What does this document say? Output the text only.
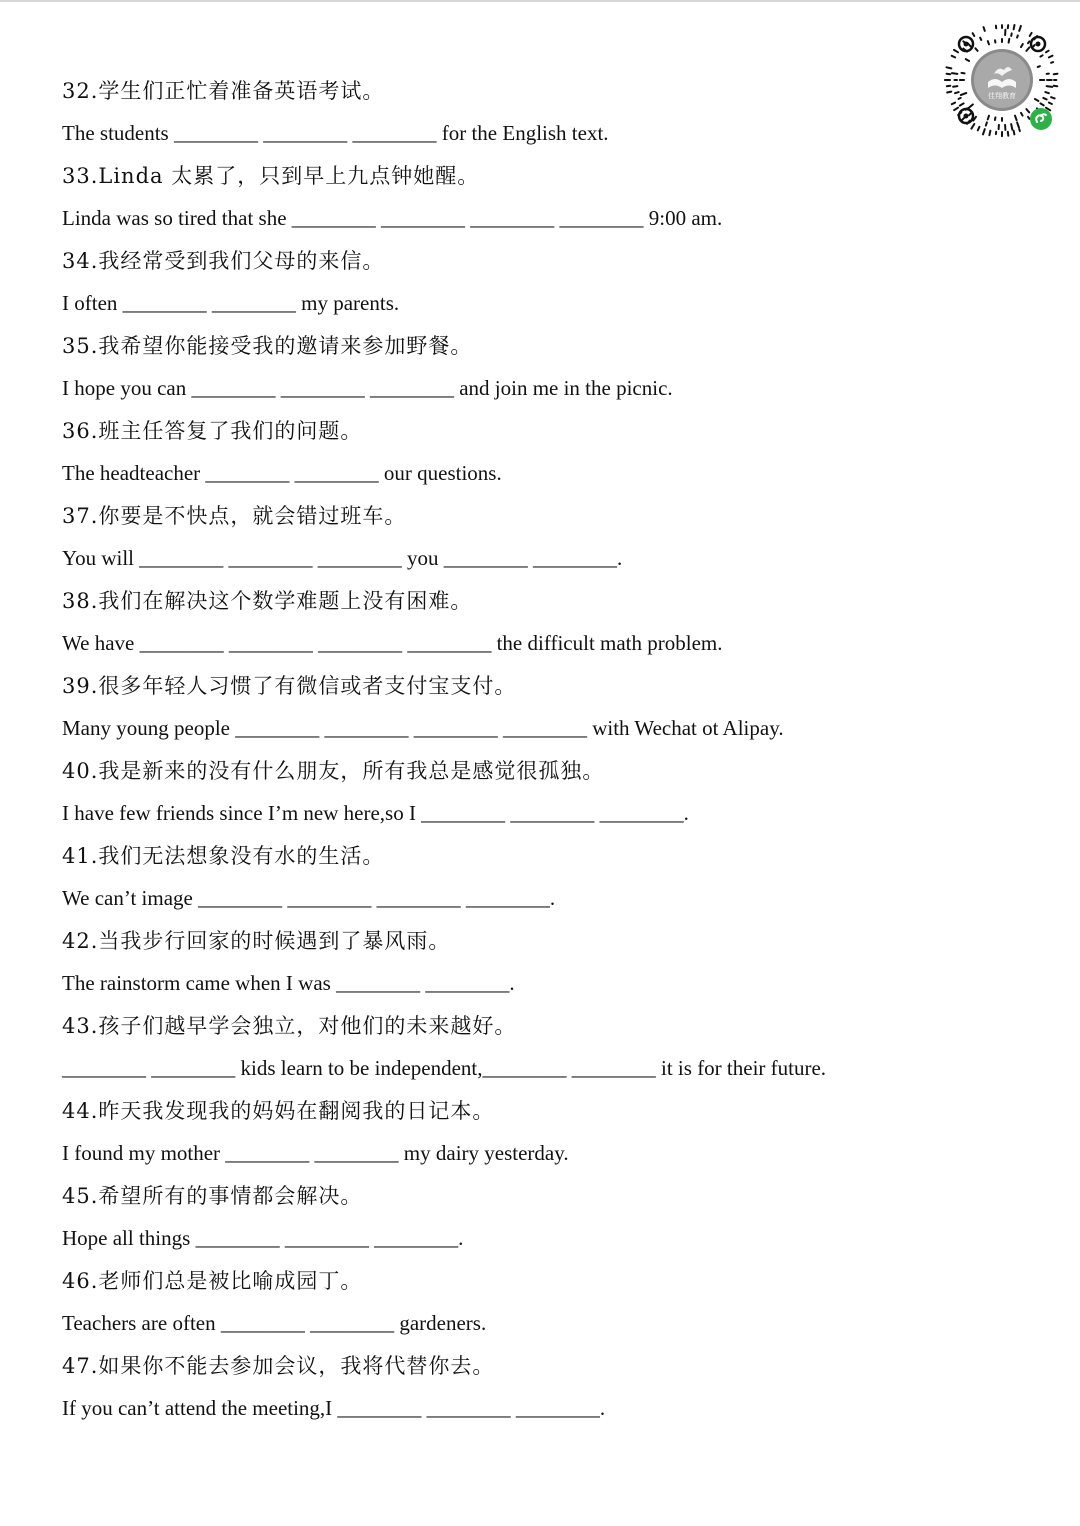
32.学生们正忙着准备英语考试。
The students ________ ________ ________ for the English text.
33.Linda 太累了，只到早上九点钟她醒。
Linda was so tired that she ________ ________ ________ ________ 9:00 am.
34.我经常受到我们父母的来信。
I often ________ ________ my parents.
35.我希望你能接受我的邀请来参加野餐。
I hope you can ________ ________ ________ and join me in the picnic.
36.班主任答复了我们的问题。
The headteacher ________ ________ our questions.
37.你要是不快点，就会错过班车。
You will ________ ________ ________ you ________ ________.
38.我们在解决这个数学难题上没有困难。
We have ________ ________ ________ ________ the difficult math problem.
39.很多年轻人习惯了有微信或者支付宝支付。
Many young people ________ ________ ________ ________ with Wechat ot Alipay.
40.我是新来的没有什么朋友，所有我总是感觉很孤独。
I have few friends since I’m new here,so I ________ ________ ________.
41.我们无法想象没有水的生活。
We can’t image ________ ________ ________ ________.
42.当我步行回家的时候遇到了暴风雨。
The rainstorm came when I was ________ ________.
43.孩子们越早学会独立，对他们的未来越好。
________ ________ kids learn to be independent,________ ________ it is for their future.
44.昨天我发现我的妈妈在翻阅我的日记本。
I found my mother ________ ________ my dairy yesterday.
45.希望所有的事情都会解决。
Hope all things ________ ________ ________.
46.老师们总是被比喻成园丁。
Teachers are often ________ ________ gardeners.
47.如果你不能去参加会议，我将代替你去。
If you can’t attend the meeting,I ________ ________ ________.
佳翔教育
